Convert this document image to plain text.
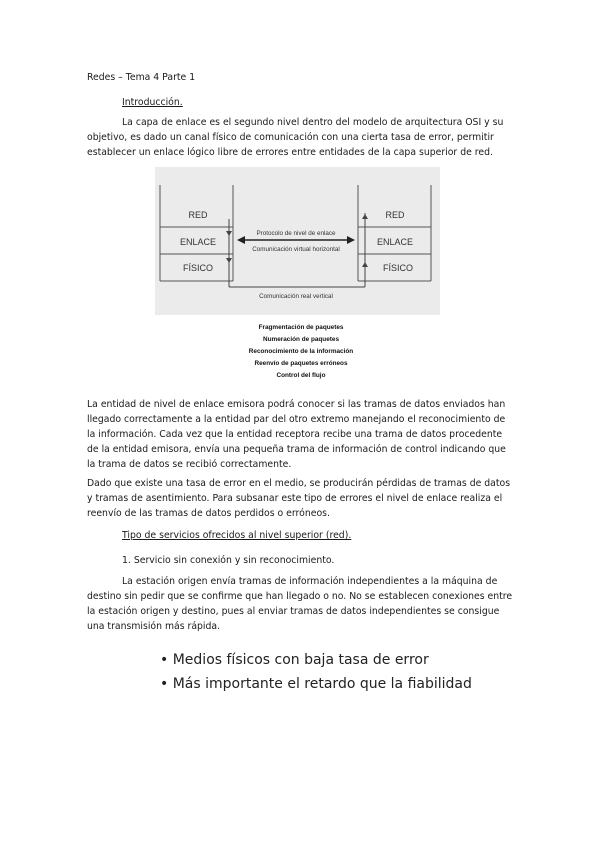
Redes – Tema 4 Parte 1

Introducción.

La capa de enlace es el segundo nivel dentro del modelo de arquitectura OSI y su objetivo, es dado un canal físico de comunicación con una cierta tasa de error, permitir establecer un enlace lógico libre de errores entre entidades de la capa superior de red.

RED
ENLACE
FÍSICO
RED
ENLACE
FÍSICO
Protocolo de nivel de enlace
Comunicación virtual horizontal
Comunicación real vertical
Fragmentación de paquetes
Numeración de paquetes
Reconocimiento de la información
Reenvío de paquetes erróneos
Control del flujo

La entidad de nivel de enlace emisora podrá conocer si las tramas de datos enviados han llegado correctamente a la entidad par del otro extremo manejando el reconocimiento de la información. Cada vez que la entidad receptora recibe una trama de datos procedente de la entidad emisora, envía una pequeña trama de información de control indicando que la trama de datos se recibió correctamente.

Dado que existe una tasa de error en el medio, se producirán pérdidas de tramas de datos y tramas de asentimiento. Para subsanar este tipo de errores el nivel de enlace realiza el reenvío de las tramas de datos perdidos o erróneos.

Tipo de servicios ofrecidos al nivel superior (red).

1. Servicio sin conexión y sin reconocimiento.

La estación origen envía tramas de información independientes a la máquina de destino sin pedir que se confirme que han llegado o no. No se establecen conexiones entre la estación origen y destino, pues al enviar tramas de datos independientes se consigue una transmisión más rápida.

• Medios físicos con baja tasa de error
• Más importante el retardo que la fiabilidad
